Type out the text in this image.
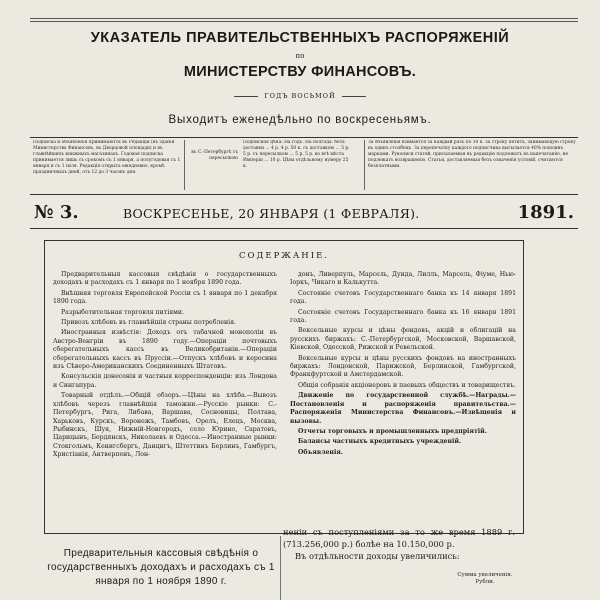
УКАЗАТЕЛЬ ПРАВИТЕЛЬСТВЕННЫХЪ РАСПОРЯЖЕНІЙ
по
МИНИСТЕРСТВУ ФИНАНСОВЪ.
ГОДЪ ВОСЬМОЙ
Выходитъ еженедѣльно по воскресеньямъ.
Подписка и объявленія принимаются въ Редакціи (въ зданіи Министерства Финансовъ, въ Дворцовой площади) и въ главнѣйшихъ книжныхъ магазинахъ. Годовая подписка принимается лишь съ срокомъ съ 1 января, а полугодовая съ 1 января и съ 1 іюля. Редакція открыта ежедневно, кромѣ праздничныхъ дней, отъ 12 до 3 часовъ дня.
въ С.-Петербургѣ съ пересылкою
Подписная цѣна: На годъ. На полгода. безъ доставки ... 4 р. 4 р. 50 к. съ доставкою ... 5 р. 5 р. съ пересылкою ... 5 р. 5 р. во всѣ мѣста Имперіи ... 10 р. Цѣна отдѣльному нумеру 25 к.
За объявленія взимается за каждый разъ по 10 к. за строку петита, занимающую строку въ одинъ столбецъ. За перепечатку каждого подписчика высылается 40% пошлинъ марками. Рукописи статей, присылаемыя въ редакцію подлежатъ въ напечатанію, не подлежатъ возвращенію. Статьи, доставляемыя безъ означенія условій, считаются безплатными.
№ 3.	ВОСКРЕСЕНЬЕ, 20 ЯНВАРЯ (1 ФЕВРАЛЯ).	1891.
СОДЕРЖАНІЕ.

Предварительныя кассовыя свѣдѣнія о государственныхъ доходахъ и расходахъ съ 1 января по 1 ноября 1890 года.

Внѣшняя торговля Европейской Россіи съ 1 января по 1 декабря 1890 года.

Разрыботительная торговля питіями.

Привозъ хлѣбовъ въ главнѣйшія страны потребленія.

Иностранныя извѣстія: Доходъ отъ табачной монополіи въ Австро-Венгріи въ 1890 году.—Операціи почтовыхъ сберегательныхъ кассъ въ Великобританіи.—Операціи сберегательныхъ кассъ въ Пруссіи.—Отпускъ хлѣбовъ и керосина изъ Сѣверо-Американскихъ Соединенныхъ Штатовъ.

Консульскія донесенія и частныя корреспонденціи: изъ Лондона и Сингапура.

Товарный отдѣлъ.—Общій обзоръ.—Цѣны на хлѣба.—Вывозъ хлѣбовъ черезъ главнѣйшія таможни.—Русскіе рынки: С.-Петербургъ, Рига, Либава, Варшава, Сосновицы, Полтава, Харьковъ, Курскъ, Воронежъ, Тамбовъ, Орелъ, Елецъ, Москва, Рыбинскъ, Шуя, Нижній-Новгородъ, село Юрино, Саратовъ, Царицынъ, Бердянскъ, Николаевъ и Одесса.—Иностранные рынки: Стокгольмъ, Кенигсбергъ, Данцигъ, Штеттинъ Берлинъ, Гамбургъ, Христіанія, Антверпенъ, Лон-

донъ, Ливерпуль, Марсель, Дуида, Лилль, Марсель, Фіуме, Нью-Іоркъ, Чикаго и Калькутта.

Состояніе счетовъ Государственнаго банка къ 14 января 1891 года.

Состояніе счетовъ Государственнаго банка къ 16 января 1891 года.

Вексельные курсы и цѣны фондовъ, акцій и облигацій на русскихъ биржахъ: С.-Петербургской, Московской, Варшавской, Кіевской, Одесской, Рижской и Ревельской.

Вексельные курсы и цѣны русскихъ фондовъ на иностранныхъ биржахъ: Лондонской, Парижской, Берлинской, Гамбургской, Франкфуртской и Амстердамской.

Общія собранія акціонеровъ и паевыхъ обществъ и товариществъ.

Движеніе по государственной службѣ.—Награды.—Постановленія и распоряженія правительства.—Распоряженія Министерства Финансовъ.—Извѣщенія и вызовы.

Отчеты торговыхъ и промышленныхъ предпріятій.

Балансы частныхъ кредитныхъ учрежденій.

Объявленія.

Предварительныя кассовыя свѣдѣнія о государственныхъ доходахъ и расходахъ съ 1 января по 1 ноября 1890 г.

неніи съ поступленіями за то же время 1889 г. (713.256,000 р.) болѣе на 10.150,000 р.

Въ отдѣльности доходы увеличились:

Сумма увеличенія. Рубли.
